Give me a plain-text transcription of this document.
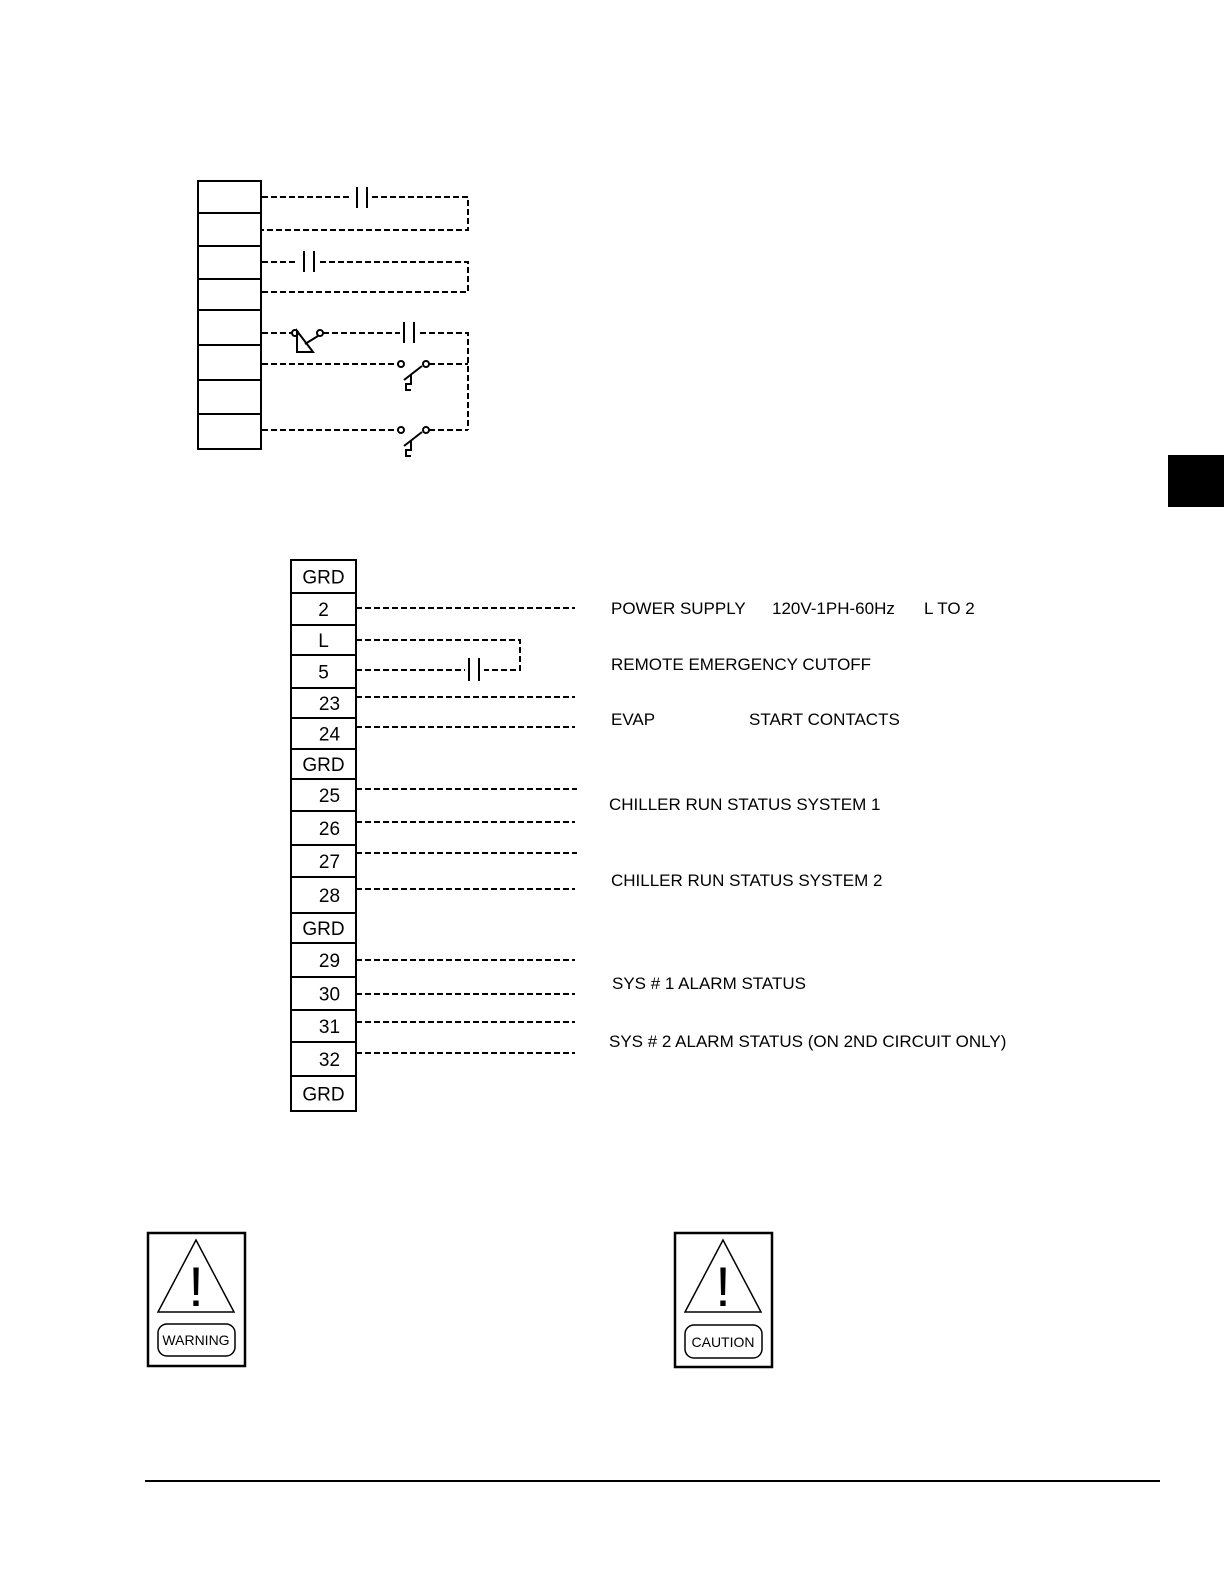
GRD
2
L
5
23
24
GRD
25
26
27
28
GRD
29
30
31
32
GRD
POWER SUPPLY 120V-1PH-60Hz L TO 2
REMOTE EMERGENCY CUTOFF
EVAP	START CONTACTS
CHILLER RUN STATUS SYSTEM 1
CHILLER RUN STATUS SYSTEM 2
SYS # 1 ALARM STATUS
SYS # 2 ALARM STATUS (ON 2ND CIRCUIT ONLY)
!
WARNING
!
CAUTION
